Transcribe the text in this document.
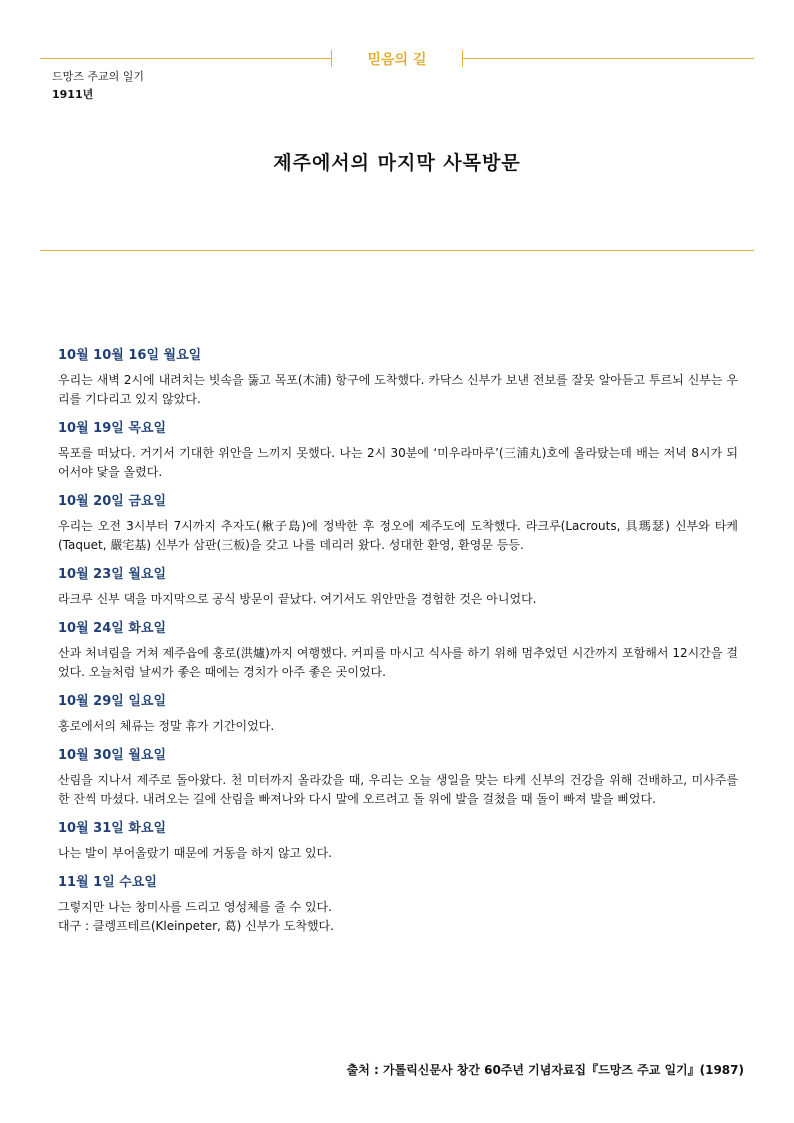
믿음의 길
드망즈 주교의 일기
1911년
제주에서의 마지막 사목방문
10월 10월 16일 월요일

우리는 새벽 2시에 내려치는 빗속을 뚫고 목포(木浦) 항구에 도착했다. 카닥스 신부가 보낸 전보를 잘못 알아듣고 투르뇌 신부는 우리를 기다리고 있지 않았다.

10월 19일 목요일

목포를 떠났다. 거기서 기대한 위안을 느끼지 못했다. 나는 2시 30분에 ‘미우라마루’(三浦丸)호에 올라탔는데 배는 저녁 8시가 되어서야 닻을 올렸다.

10월 20일 금요일

우리는 오전 3시부터 7시까지 추자도(楸子島)에 정박한 후 정오에 제주도에 도착했다. 라크루(Lacrouts, 具瑪瑟) 신부와 타케(Taquet, 嚴宅基) 신부가 삼판(三板)을 갖고 나를 데리러 왔다. 성대한 환영, 환영문 등등.

10월 23일 월요일

라크루 신부 댁을 마지막으로 공식 방문이 끝났다. 여기서도 위안만을 경험한 것은 아니었다.

10월 24일 화요일

산과 처녀림을 거쳐 제주읍에 홍로(洪爐)까지 여행했다. 커피를 마시고 식사를 하기 위해 멈추었던 시간까지 포함해서 12시간을 걸었다. 오늘처럼 날씨가 좋은 때에는 경치가 아주 좋은 곳이었다.

10월 29일 일요일

홍로에서의 체류는 정말 휴가 기간이었다.

10월 30일 월요일

산림을 지나서 제주로 돌아왔다. 천 미터까지 올라갔을 때, 우리는 오늘 생일을 맞는 타케 신부의 건강을 위해 건배하고, 미사주를 한 잔씩 마셨다. 내려오는 길에 산림을 빠져나와 다시 말에 오르려고 돌 위에 발을 걸쳤을 때 돌이 빠져 발을 삐었다.

10월 31일 화요일

나는 발이 부어올랐기 때문에 거동을 하지 않고 있다.

11월 1일 수요일

그렇지만 나는 창미사를 드리고 영성체를 줄 수 있다.

대구 : 클렝프테르(Kleinpeter, 葛) 신부가 도착했다.

출처 : 가톨릭신문사 창간 60주년 기념자료집『드망즈 주교 일기』(1987)
